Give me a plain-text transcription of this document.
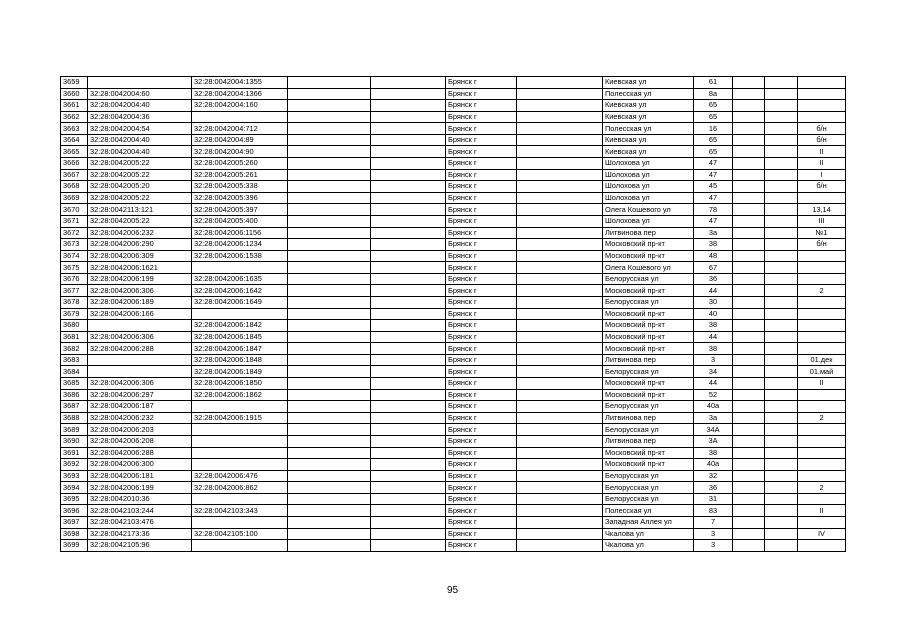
3659		32:28:0042004:1355			Брянск г		Киевская ул	61			
3660	32:28:0042004:60	32:28:0042004:1366			Брянск г		Полесская ул	8а			
3661	32:28:0042004:40	32:28:0042004:160			Брянск г		Киевская ул	65			
3662	32:28:0042004:36				Брянск г		Киевская ул	65			
3663	32:28:0042004:54	32:28:0042004:712			Брянск г		Полесская ул	16			б/н
3664	32:28:0042004:40	32:28:0042004:89			Брянск г		Киевская ул	65			б/н
3665	32:28:0042004:40	32:28:0042004:90			Брянск г		Киевская ул	65			II
3666	32:28:0042005:22	32:28:0042005:260			Брянск г		Шолохова ул	47			II
3667	32:28:0042005:22	32:28:0042005:261			Брянск г		Шолохова ул	47			I
3668	32:28:0042005:20	32:28:0042005:338			Брянск г		Шолохова ул	45			б/н
3669	32:28:0042005:22	32:28:0042005:396			Брянск г		Шолохова ул	47			
3670	32:28:0042113:121	32:28:0042005:397			Брянск г		Олега Кошевого ул	78			13,14
3671	32:28:0042005:22	32:28:0042005:400			Брянск г		Шолохова ул	47			III
3672	32:28:0042006:232	32:28:0042006:1156			Брянск г		Литвинова пер	3а			№1
3673	32:28:0042006:290	32:28:0042006:1234			Брянск г		Московский пр-кт	38			б/н
3674	32:28:0042006:309	32:28:0042006:1538			Брянск г		Московский пр-кт	48			
3675	32:28:0042006:1621				Брянск г		Олега Кошевого ул	67			
3676	32:28:0042006:199	32:28:0042006:1635			Брянск г		Белорусская ул	36			
3677	32:28:0042006:306	32:28:0042006:1642			Брянск г		Московский пр-кт	44			2
3678	32:28:0042006:189	32:28:0042006:1649			Брянск г		Белорусская ул	30			
3679	32:28:0042006:166				Брянск г		Московский пр-кт	40			
3680		32:28:0042006:1842			Брянск г		Московский пр-кт	38			
3681	32:28:0042006:306	32:28:0042006:1845			Брянск г		Московский пр-кт	44			
3682	32:28:0042006:288	32:28:0042006:1847			Брянск г		Московский пр-кт	38			
3683		32:28:0042006:1848			Брянск г		Литвинова пер	3			01.дек
3684		32:28:0042006:1849			Брянск г		Белорусская ул	34			01.май
3685	32:28:0042006:306	32:28:0042006:1850			Брянск г		Московский пр-кт	44			II
3686	32:28:0042006:297	32:28:0042006:1862			Брянск г		Московский пр-кт	52			
3687	32:28:0042006:187				Брянск г		Белорусская ул	40а			
3688	32:28:0042006:232	32:28:0042006:1915			Брянск г		Литвинова пер	3а			2
3689	32:28:0042006:203				Брянск г		Белорусская ул	34А			
3690	32:28:0042006:208				Брянск г		Литвинова пер	3А			
3691	32:28:0042006:288				Брянск г		Московский пр-кт	38			
3692	32:28:0042006:300				Брянск г		Московский пр-кт	40а			
3693	32:28:0042006:181	32:28:0042006:476			Брянск г		Белорусская ул	32			
3694	32:28:0042006:199	32:28:0042006:862			Брянск г		Белорусская ул	36			2
3695	32:28:0042010:36				Брянск г		Белорусская ул	31			
3696	32:28:0042103:244	32:28:0042103:343			Брянск г		Полесская ул	83			II
3697	32:28:0042103:476				Брянск г		Западная Аллея ул	7			
3698	32:28:0042173:36	32:28:0042105:100			Брянск г		Чкалова ул	3			IV
3699	32:28:0042105:96				Брянск г		Чкалова ул	3			
95
